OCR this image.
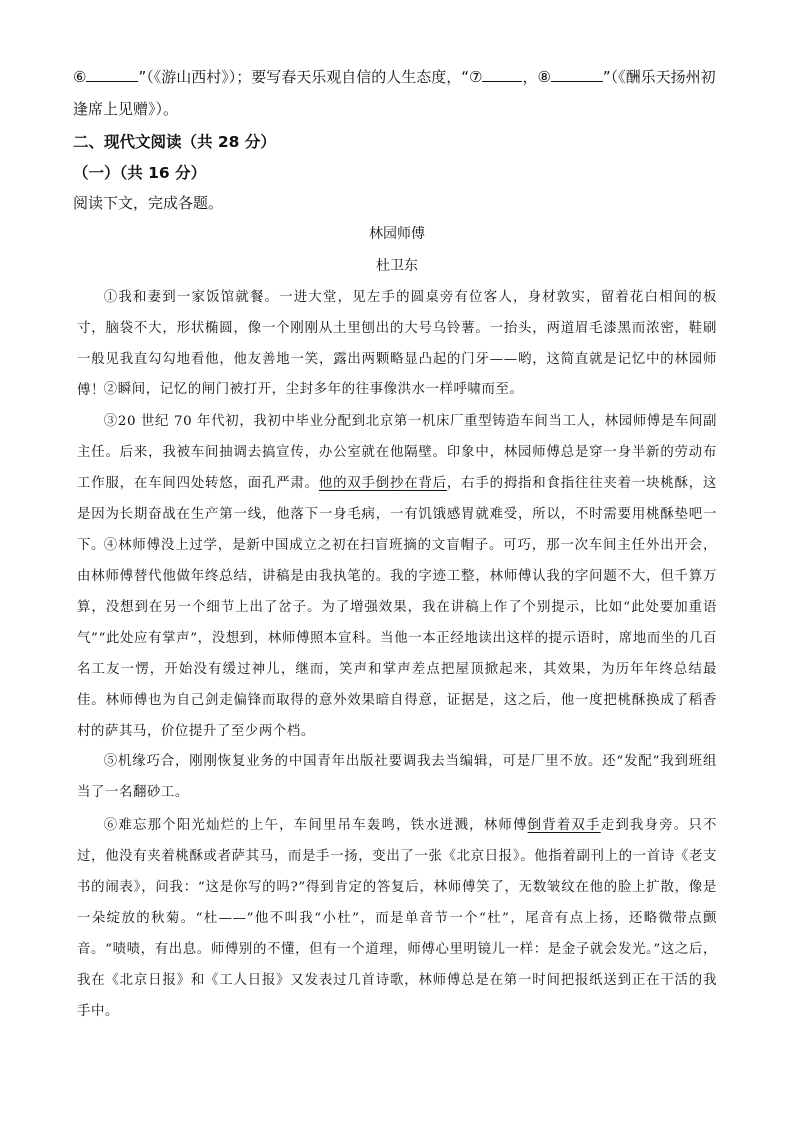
⑥	”（《游山西村》）；要写春天乐观自信的人生态度，“⑦	，⑧	”（《酬乐天扬州初
逢席上见赠》）。
二、现代文阅读（共 28 分）
（一）（共 16 分）
阅读下文，完成各题。
林园师傅
杜卫东

①我和妻到一家饭馆就餐。一进大堂，见左手的圆桌旁有位客人，身材敦实，留着花白相间的板寸，脑袋不大，形状椭圆，像一个刚刚从土里刨出的大号乌铃薯。一抬头，两道眉毛漆黑而浓密，鞋刷一般见我直勾勾地看他，他友善地一笑，露出两颗略显凸起的门牙——哟，这简直就是记忆中的林园师傅！

②瞬间，记忆的闸门被打开，尘封多年的往事像洪水一样呼啸而至。

③20 世纪 70 年代初，我初中毕业分配到北京第一机床厂重型铸造车间当工人，林园师傅是车间副主任。后来，我被车间抽调去搞宣传，办公室就在他隔壁。印象中，林园师傅总是穿一身半新的劳动布工作服，在车间四处转悠，面孔严肃。他的双手倒抄在背后，右手的拇指和食指往往夹着一块桃酥，这是因为长期奋战在生产第一线，他落下一身毛病，一有饥饿感胃就难受，所以，不时需要用桃酥垫吧一下。

④林师傅没上过学，是新中国成立之初在扫盲班摘的文盲帽子。可巧，那一次车间主任外出开会，由林师傅替代他做年终总结，讲稿是由我执笔的。我的字迹工整，林师傅认我的字问题不大，但千算万算，没想到在另一个细节上出了岔子。为了增强效果，我在讲稿上作了个别提示，比如“此处要加重语气”“此处应有掌声”，没想到，林师傅照本宣科。当他一本正经地读出这样的提示语时，席地而坐的几百名工友一愣，开始没有缓过神儿，继而，笑声和掌声差点把屋顶掀起来，其效果，为历年年终总结最佳。林师傅也为自己剑走偏锋而取得的意外效果暗自得意，证据是，这之后，他一度把桃酥换成了稻香村的萨其马，价位提升了至少两个档。

⑤机缘巧合，刚刚恢复业务的中国青年出版社要调我去当编辑，可是厂里不放。还“发配”我到班组当了一名翻砂工。

⑥难忘那个阳光灿烂的上午，车间里吊车轰鸣，铁水迸溅，林师傅倒背着双手走到我身旁。只不过，他没有夹着桃酥或者萨其马，而是手一扬，变出了一张《北京日报》。他指着副刊上的一首诗《老支书的闹表》，问我：“这是你写的吗?”得到肯定的答复后，林师傅笑了，无数皱纹在他的脸上扩散，像是一朵绽放的秋菊。“杜——”他不叫我“小杜”，而是单音节一个“杜”，尾音有点上扬，还略微带点颤音。“啧啧，有出息。师傅别的不懂，但有一个道理，师傅心里明镜儿一样：是金子就会发光。”这之后，我在《北京日报》和《工人日报》又发表过几首诗歌，林师傅总是在第一时间把报纸送到正在干活的我手中。
